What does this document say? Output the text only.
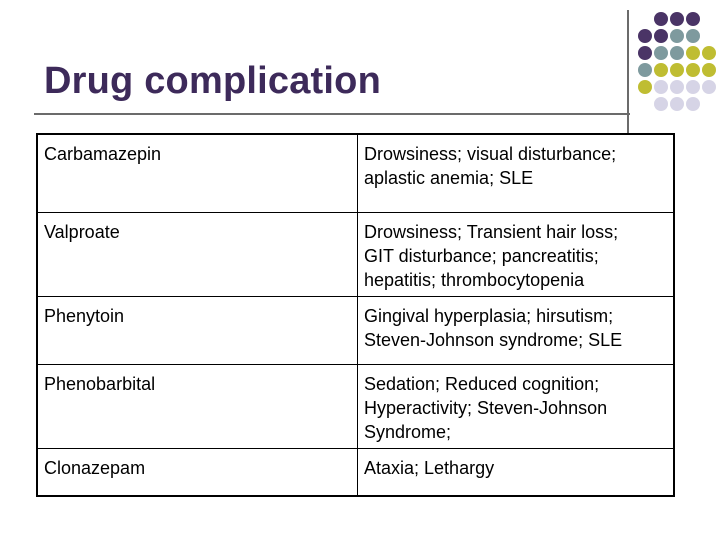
Drug complication
Carbamazepin	Drowsiness; visual disturbance;
aplastic anemia; SLE

Valproate	Drowsiness; Transient hair loss;
GIT disturbance; pancreatitis;
hepatitis; thrombocytopenia

Phenytoin	Gingival hyperplasia; hirsutism;
Steven-Johnson syndrome; SLE

Phenobarbital	Sedation; Reduced cognition;
Hyperactivity; Steven-Johnson
Syndrome;

Clonazepam	Ataxia; Lethargy
